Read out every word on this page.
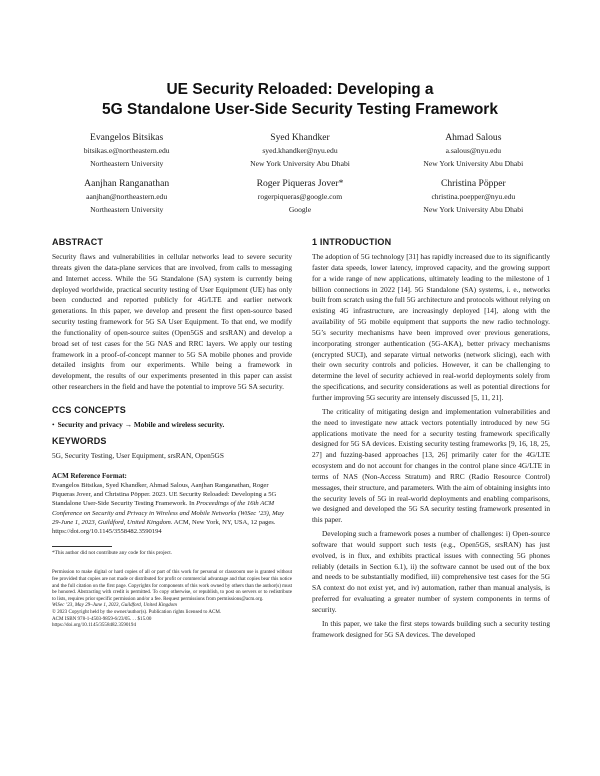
UE Security Reloaded: Developing a
5G Standalone User-Side Security Testing Framework
Evangelos Bitsikas
bitsikas.e@northeastern.edu
Northeastern University
Syed Khandker
syed.khandker@nyu.edu
New York University Abu Dhabi
Ahmad Salous
a.salous@nyu.edu
New York University Abu Dhabi
Aanjhan Ranganathan
aanjhan@northeastern.edu
Northeastern University
Roger Piqueras Jover*
rogerpiqueras@google.com
Google
Christina Pöpper
christina.poepper@nyu.edu
New York University Abu Dhabi
ABSTRACT

Security flaws and vulnerabilities in cellular networks lead to severe security threats given the data-plane services that are involved, from calls to messaging and Internet access. While the 5G Standalone (SA) system is currently being deployed worldwide, practical security testing of User Equipment (UE) has only been conducted and reported publicly for 4G/LTE and earlier network generations. In this paper, we develop and present the first open-source based security testing framework for 5G SA User Equipment. To that end, we modify the functionality of open-source suites (Open5GS and srsRAN) and develop a broad set of test cases for the 5G NAS and RRC layers. We apply our testing framework in a proof-of-concept manner to 5G SA mobile phones and provide detailed insights from our experiments. While being a framework in development, the results of our experiments presented in this paper can assist other researchers in the field and have the potential to improve 5G SA security.

CCS CONCEPTS
• Security and privacy → Mobile and wireless security.
KEYWORDS

5G, Security Testing, User Equipment, srsRAN, Open5GS

ACM Reference Format:

Evangelos Bitsikas, Syed Khandker, Ahmad Salous, Aanjhan Ranganathan, Roger Piqueras Jover, and Christina Pöpper. 2023. UE Security Reloaded: Developing a 5G Standalone User-Side Security Testing Framework. In Proceedings of the 16th ACM Conference on Security and Privacy in Wireless and Mobile Networks (WiSec ’23), May 29-June 1, 2023, Guildford, United Kingdom. ACM, New York, NY, USA, 12 pages. https://doi.org/10.1145/3558482.3590194

*This author did not contribute any code for this project.

Permission to make digital or hard copies of all or part of this work for personal or classroom use is granted without fee provided that copies are not made or distributed for profit or commercial advantage and that copies bear this notice and the full citation on the first page. Copyrights for components of this work owned by others than the author(s) must be honored. Abstracting with credit is permitted. To copy otherwise, or republish, to post on servers or to redistribute to lists, requires prior specific permission and/or a fee. Request permissions from permissions@acm.org.

WiSec ’23, May 29–June 1, 2023, Guildford, United Kingdom

© 2023 Copyright held by the owner/author(s). Publication rights licensed to ACM.

ACM ISBN 978-1-4503-9859-6/23/05. . . $15.00

https://doi.org/10.1145/3558482.3590194

1 INTRODUCTION

The adoption of 5G technology [31] has rapidly increased due to its significantly faster data speeds, lower latency, improved capacity, and the growing support for a wide range of new applications, ultimately leading to the milestone of 1 billion connections in 2022 [14]. 5G Standalone (SA) systems, i. e., networks built from scratch using the full 5G architecture and protocols without relying on existing 4G infrastructure, are increasingly deployed [14], along with the availability of 5G mobile equipment that supports the new radio technology. 5G’s security mechanisms have been improved over previous generations, incorporating stronger authentication (5G-AKA), better privacy mechanisms (encrypted SUCI), and separate virtual networks (network slicing), each with their own security controls and policies. However, it can be challenging to determine the level of security achieved in real-world deployments solely from the specifications, and security considerations as well as potential directions for further improving 5G security are intensely discussed [5, 11, 21].

The criticality of mitigating design and implementation vulnerabilities and the need to investigate new attack vectors potentially introduced by new 5G applications motivate the need for a security testing framework specifically designed for 5G SA devices. Existing security testing frameworks [9, 16, 18, 25, 27] and fuzzing-based approaches [13, 26] primarily cater for the 4G/LTE ecosystem and do not account for changes in the control plane since 4G/LTE in terms of NAS (Non-Access Stratum) and RRC (Radio Resource Control) messages, their structure, and parameters. With the aim of obtaining insights into the security levels of 5G in real-world deployments and enabling comparisons, we designed and developed the 5G SA security testing framework presented in this paper.

Developing such a framework poses a number of challenges: i) Open-source software that would support such tests (e.g., Open5GS, srsRAN) has just evolved, is in flux, and exhibits practical issues with connecting 5G phones reliably (details in Section 6.1), ii) the software cannot be used out of the box and needs to be substantially modified, iii) comprehensive test cases for the 5G SA context do not exist yet, and iv) automation, rather than manual analysis, is preferred for evaluating a greater number of system components in terms of security.

In this paper, we take the first steps towards building such a security testing framework designed for 5G SA devices. The developed
